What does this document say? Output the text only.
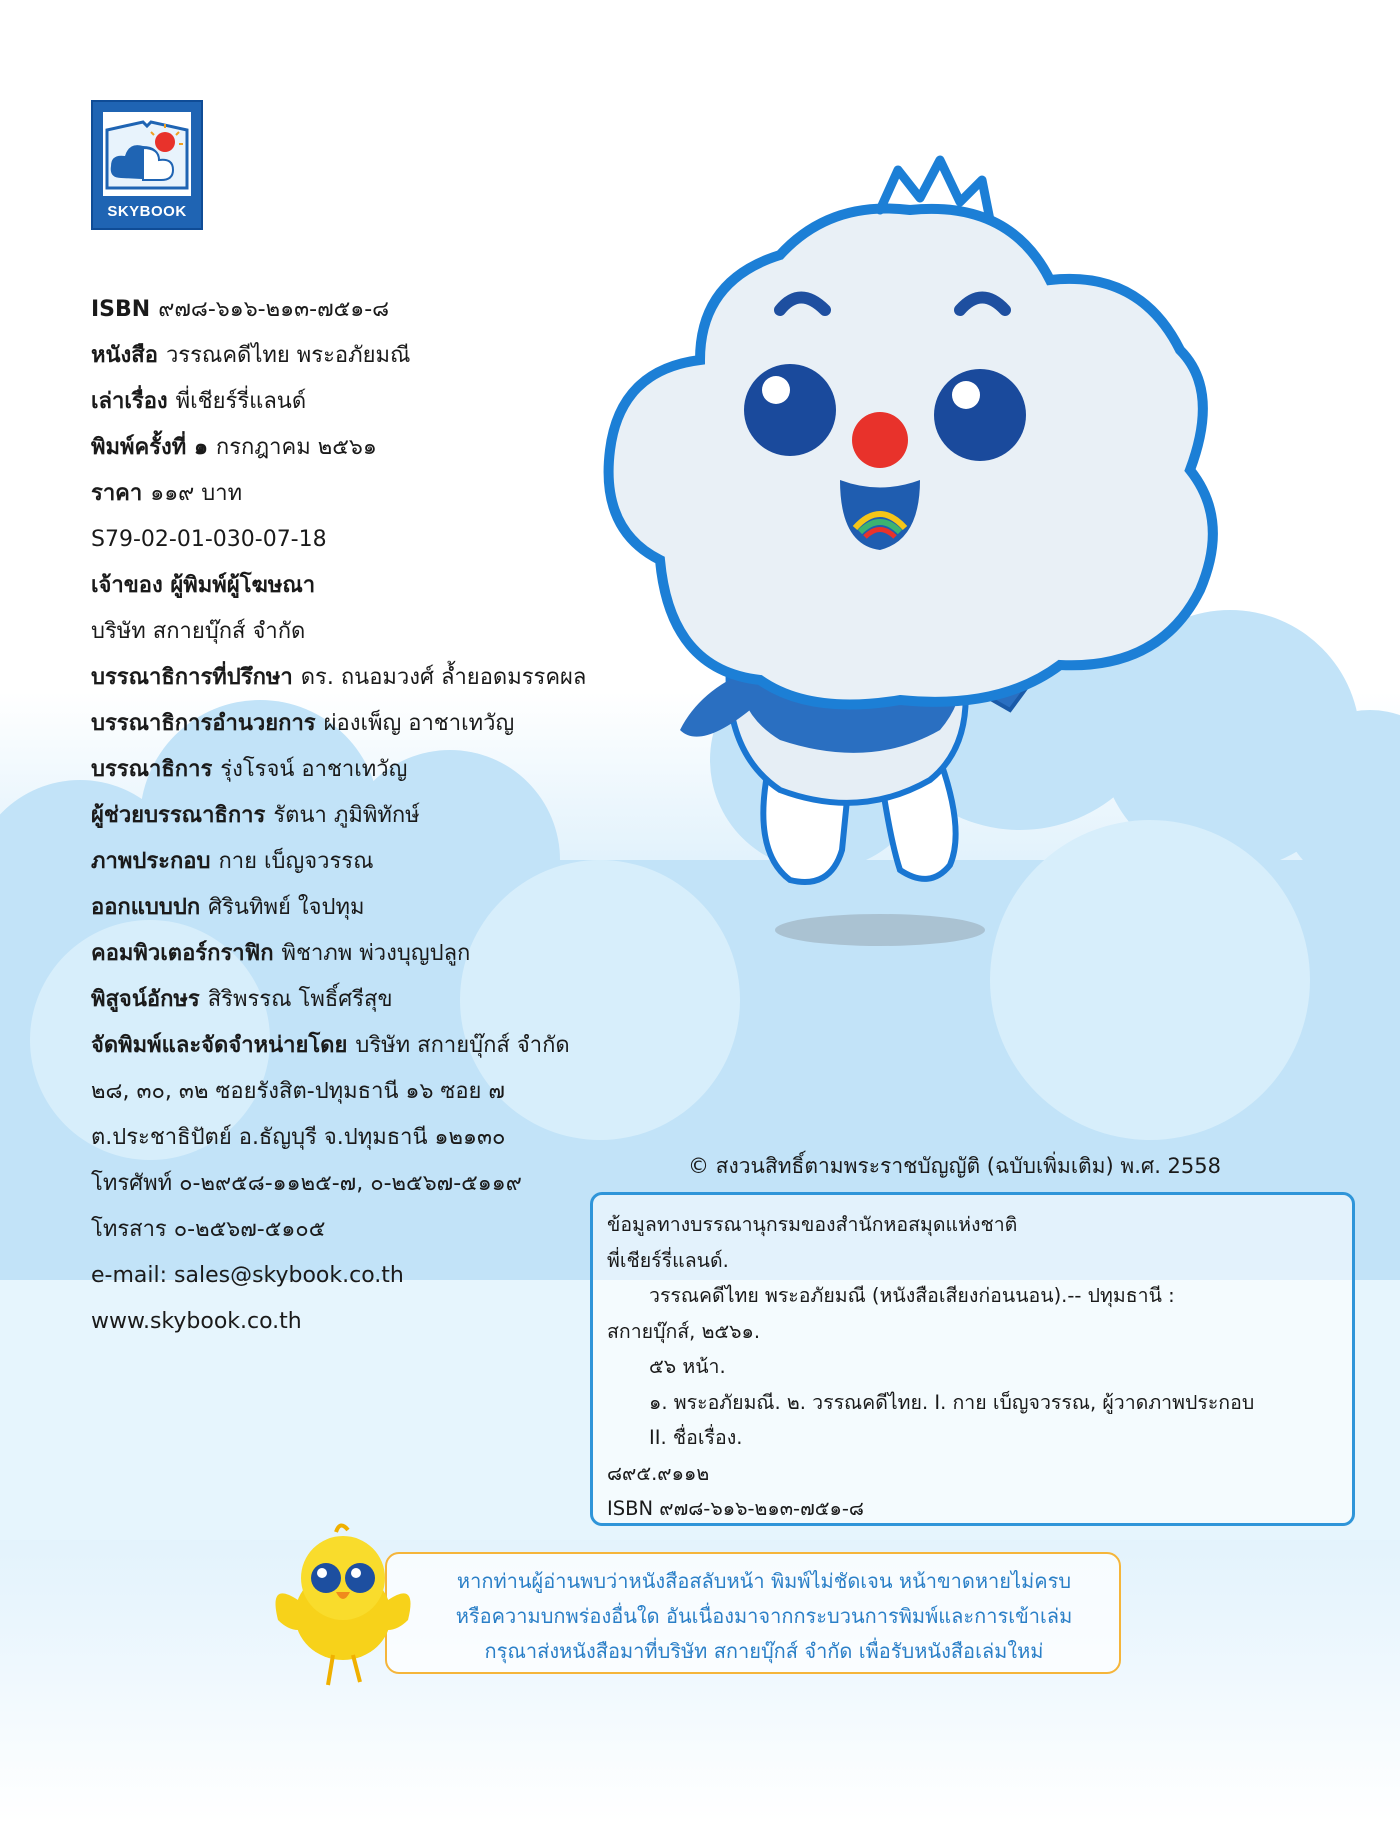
SKYBOOK
ISBN ๙๗๘-๖๑๖-๒๑๓-๗๕๑-๘
หนังสือ วรรณคดีไทย พระอภัยมณี
เล่าเรื่อง พี่เชียร์รี่แลนด์
พิมพ์ครั้งที่ ๑ กรกฎาคม ๒๕๖๑
ราคา ๑๑๙ บาท
S79-02-01-030-07-18
เจ้าของ ผู้พิมพ์ผู้โฆษณา
บริษัท สกายบุ๊กส์ จำกัด
บรรณาธิการที่ปรึกษา ดร. ถนอมวงศ์ ล้ำยอดมรรคผล
บรรณาธิการอำนวยการ ผ่องเพ็ญ อาชาเทวัญ
บรรณาธิการ รุ่งโรจน์ อาชาเทวัญ
ผู้ช่วยบรรณาธิการ รัตนา ภูมิพิทักษ์
ภาพประกอบ กาย เบ็ญจวรรณ
ออกแบบปก ศิรินทิพย์ ใจปทุม
คอมพิวเตอร์กราฟิก พิชาภพ พ่วงบุญปลูก
พิสูจน์อักษร สิริพรรณ โพธิ์ศรีสุข
จัดพิมพ์และจัดจำหน่ายโดย บริษัท สกายบุ๊กส์ จำกัด
๒๘, ๓๐, ๓๒ ซอยรังสิต-ปทุมธานี ๑๖ ซอย ๗
ต.ประชาธิปัตย์ อ.ธัญบุรี จ.ปทุมธานี ๑๒๑๓๐
โทรศัพท์ ๐-๒๙๕๘-๑๑๒๕-๗, ๐-๒๕๖๗-๕๑๑๙
โทรสาร ๐-๒๕๖๗-๕๑๐๕
e-mail: sales@skybook.co.th
www.skybook.co.th
© สงวนสิทธิ์ตามพระราชบัญญัติ (ฉบับเพิ่มเติม) พ.ศ. 2558
ข้อมูลทางบรรณานุกรมของสำนักหอสมุดแห่งชาติ
พี่เชียร์รี่แลนด์.
วรรณคดีไทย พระอภัยมณี (หนังสือเสียงก่อนนอน).-- ปทุมธานี :
สกายบุ๊กส์, ๒๕๖๑.
๕๖ หน้า.
๑. พระอภัยมณี. ๒. วรรณคดีไทย. I. กาย เบ็ญจวรรณ, ผู้วาดภาพประกอบ
II. ชื่อเรื่อง.
๘๙๕.๙๑๑๒
ISBN ๙๗๘-๖๑๖-๒๑๓-๗๕๑-๘
หากท่านผู้อ่านพบว่าหนังสือสลับหน้า พิมพ์ไม่ชัดเจน หน้าขาดหายไม่ครบ
หรือความบกพร่องอื่นใด อันเนื่องมาจากกระบวนการพิมพ์และการเข้าเล่ม
กรุณาส่งหนังสือมาที่บริษัท สกายบุ๊กส์ จำกัด เพื่อรับหนังสือเล่มใหม่
